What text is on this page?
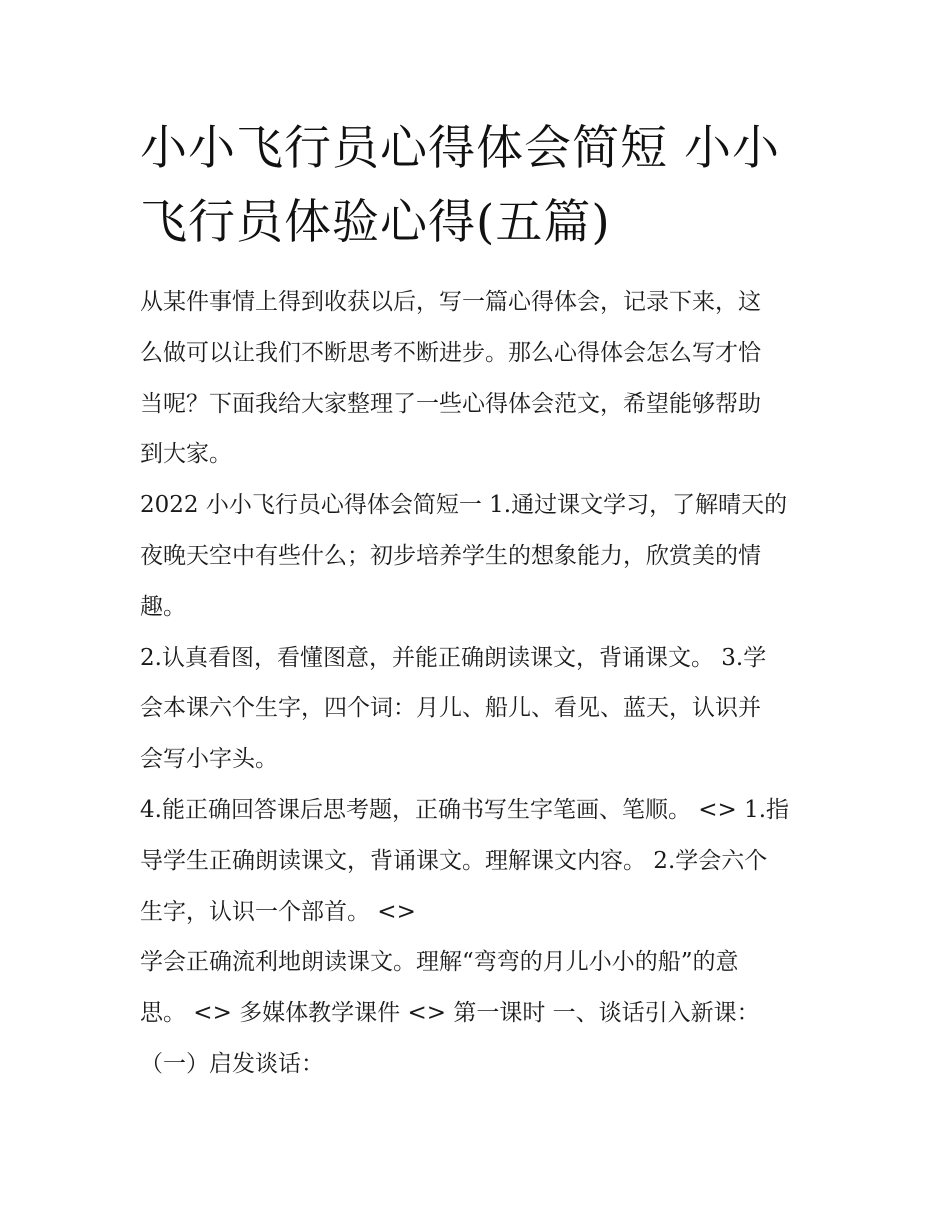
小小飞行员心得体会简短 小小
飞行员体验心得(五篇)

从某件事情上得到收获以后，写一篇心得体会，记录下来，这
么做可以让我们不断思考不断进步。那么心得体会怎么写才恰
当呢？下面我给大家整理了一些心得体会范文，希望能够帮助
到大家。

2022 小小飞行员心得体会简短一 1.通过课文学习，了解晴天的
夜晚天空中有些什么；初步培养学生的想象能力，欣赏美的情
趣。

2.认真看图，看懂图意，并能正确朗读课文，背诵课文。 3.学
会本课六个生字，四个词：月儿、船儿、看见、蓝天，认识并
会写小字头。

4.能正确回答课后思考题，正确书写生字笔画、笔顺。 <> 1.指
导学生正确朗读课文，背诵课文。理解课文内容。 2.学会六个
生字，认识一个部首。 <>

学会正确流利地朗读课文。理解“弯弯的月儿小小的船”的意
思。 <> 多媒体教学课件 <> 第一课时 一、谈话引入新课：
（一）启发谈话：
